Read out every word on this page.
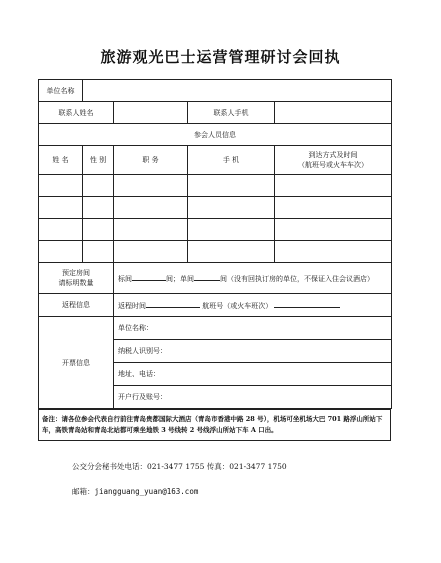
旅游观光巴士运营管理研讨会回执
单位名称				
联系人姓名			联系人手机	
参会人员信息				
姓 名	性 别	职 务	手 机	到达方式及时间
（航班号或火车车次）

预定房间
请标明数量		标间 间；单间 间（没有回执订房的单位，不保证入住会议酒店）		
返程信息		返程时间 航班号（或火车班次）		
开票信息		单位名称：		
		纳税人识别号：		
		地址、电话：		
		开户行及账号：		
备注：请各位参会代表自行前往青岛贵都国际大酒店（青岛市香港中路 28 号），机场可坐机场大巴 701 路浮山所站下车，高铁青岛站和青岛北站都可乘坐地铁 3 号线转 2 号线浮山所站下车 A 口出。
公交分会秘书处电话：021-3477 1755 传真：021-3477 1750
邮箱：jiangguang_yuan@163.com
